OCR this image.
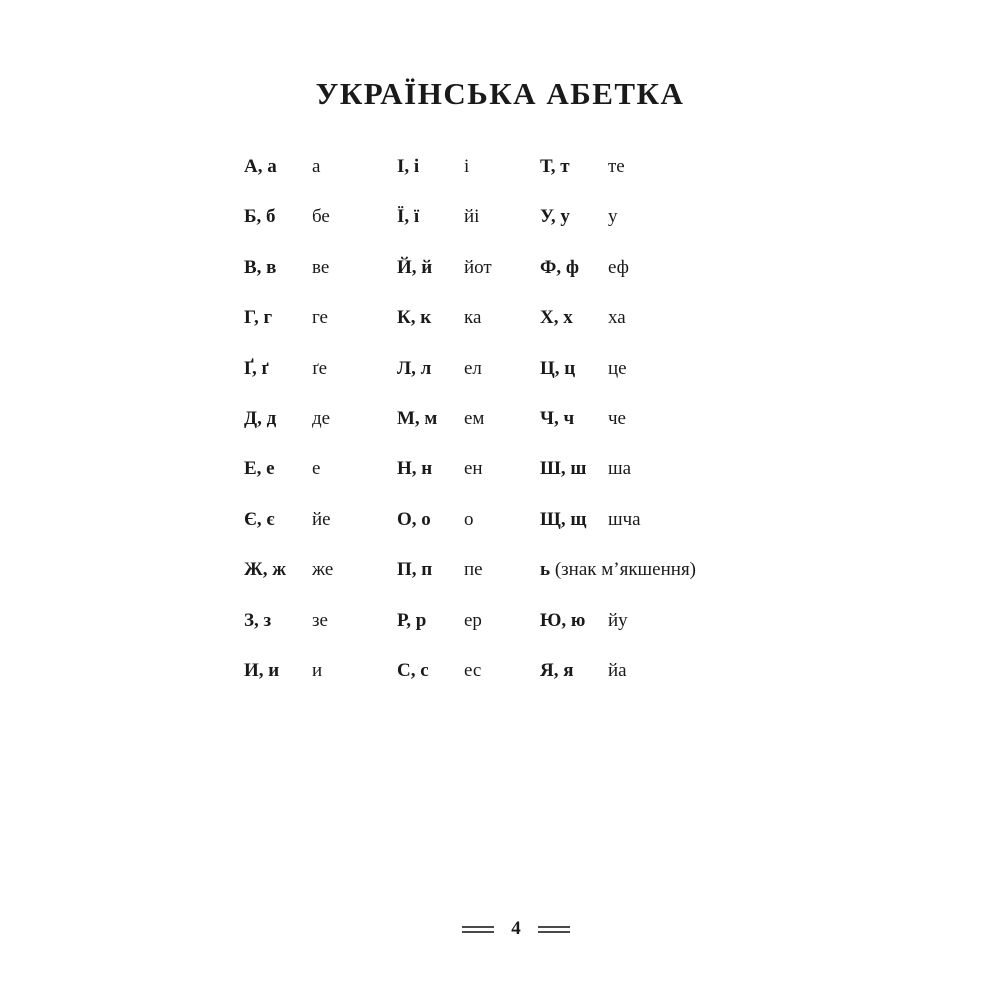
УКРАЇНСЬКА АБЕТКА
А, а а
Б, б бе
В, в ве
Г, г ге
Ґ, ґ ґе
Д, д де
Е, е е
Є, є йе
Ж, ж же
З, з зе
И, и и
І, і і
Ї, ї йі
Й, й йот
К, к ка
Л, л ел
М, м ем
Н, н ен
О, о о
П, п пе
Р, р ер
С, с ес
Т, т те
У, у у
Ф, ф еф
Х, х ха
Ц, ц це
Ч, ч че
Ш, ш ша
Щ, щ шча
ь (знак м’якшення)
Ю, ю йу
Я, я йа
4
